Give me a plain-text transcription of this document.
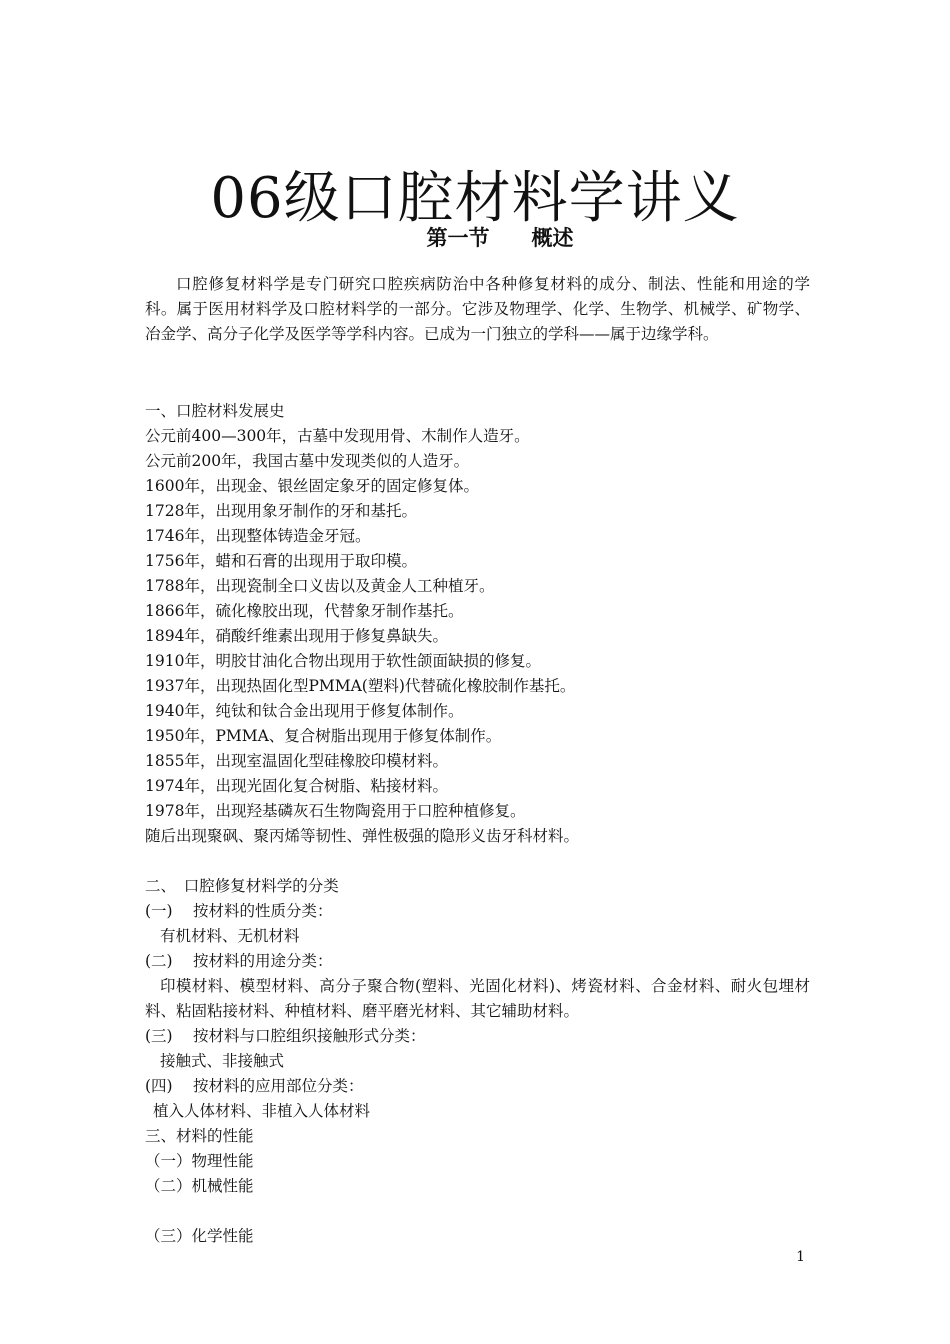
06级口腔材料学讲义
第一节　　概述

口腔修复材料学是专门研究口腔疾病防治中各种修复材料的成分、制法、性能和用途的学科。属于医用材料学及口腔材料学的一部分。它涉及物理学、化学、生物学、机械学、矿物学、冶金学、高分子化学及医学等学科内容。已成为一门独立的学科——属于边缘学科。

一、口腔材料发展史

公元前400—300年，古墓中发现用骨、木制作人造牙。

公元前200年，我国古墓中发现类似的人造牙。

1600年，出现金、银丝固定象牙的固定修复体。

1728年，出现用象牙制作的牙和基托。

1746年，出现整体铸造金牙冠。

1756年，蜡和石膏的出现用于取印模。

1788年，出现瓷制全口义齿以及黄金人工种植牙。

1866年，硫化橡胶出现，代替象牙制作基托。

1894年，硝酸纤维素出现用于修复鼻缺失。

1910年，明胶甘油化合物出现用于软性颌面缺损的修复。

1937年，出现热固化型PMMA(塑料)代替硫化橡胶制作基托。

1940年，纯钛和钛合金出现用于修复体制作。

1950年，PMMA、复合树脂出现用于修复体制作。

1855年，出现室温固化型硅橡胶印模材料。

1974年，出现光固化复合树脂、粘接材料。

1978年，出现羟基磷灰石生物陶瓷用于口腔种植修复。

随后出现聚砜、聚丙烯等韧性、弹性极强的隐形义齿牙科材料。

二、　口腔修复材料学的分类

(一)　 按材料的性质分类：

有机材料、无机材料

(二)　 按材料的用途分类：

印模材料、模型材料、高分子聚合物(塑料、光固化材料)、烤瓷材料、合金材料、耐火包埋材料、粘固粘接材料、种植材料、磨平磨光材料、其它辅助材料。

(三)　 按材料与口腔组织接触形式分类：

接触式、非接触式

(四)　 按材料的应用部位分类：

植入人体材料、非植入人体材料

三、材料的性能

（一）物理性能

（二）机械性能

（三）化学性能

1
